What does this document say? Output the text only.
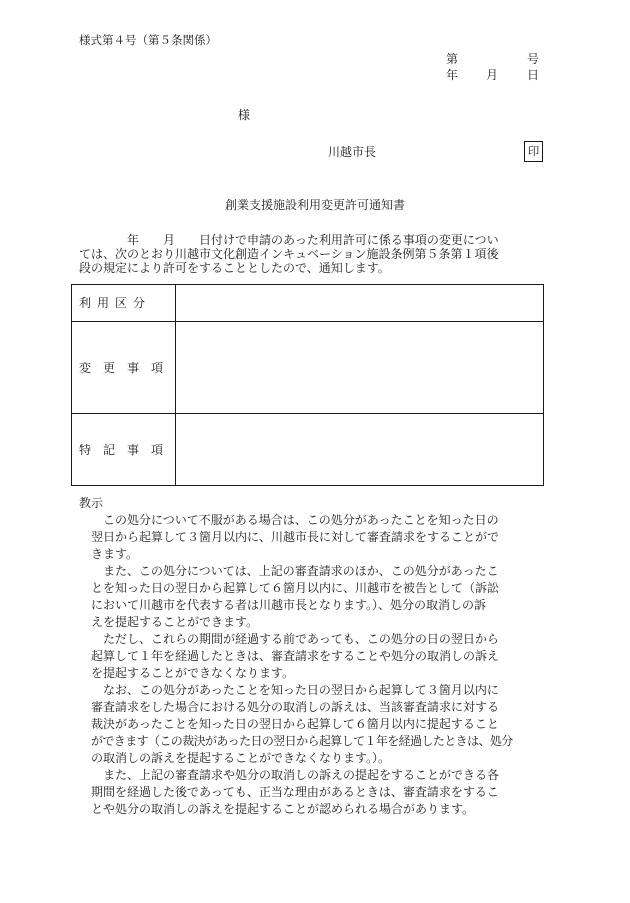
様式第４号（第５条関係）
第	号
年 月 日
様
川越市長	印
創業支援施設利用変更許可通知書
　　　　年　　月　　日付けで申請のあった利用許可に係る事項の変更につい
ては、次のとおり川越市文化創造インキュベーション施設条例第５条第１項後
段の規定により許可をすることとしたので、通知します。
利用区分	
変更事項	
特記事項	
教示
この処分について不服がある場合は、この処分があったことを知った日の
翌日から起算して３箇月以内に、川越市長に対して審査請求をすることがで
きます。
また、この処分については、上記の審査請求のほか、この処分があったこ
とを知った日の翌日から起算して６箇月以内に、川越市を被告として（訴訟
において川越市を代表する者は川越市長となります。）、処分の取消しの訴
えを提起することができます。
ただし、これらの期間が経過する前であっても、この処分の日の翌日から
起算して１年を経過したときは、審査請求をすることや処分の取消しの訴え
を提起することができなくなります。
なお、この処分があったことを知った日の翌日から起算して３箇月以内に
審査請求をした場合における処分の取消しの訴えは、当該審査請求に対する
裁決があったことを知った日の翌日から起算して６箇月以内に提起すること
ができます（この裁決があった日の翌日から起算して１年を経過したときは、処分
の取消しの訴えを提起することができなくなります。）。
また、上記の審査請求や処分の取消しの訴えの提起をすることができる各
期間を経過した後であっても、正当な理由があるときは、審査請求をするこ
とや処分の取消しの訴えを提起することが認められる場合があります。
